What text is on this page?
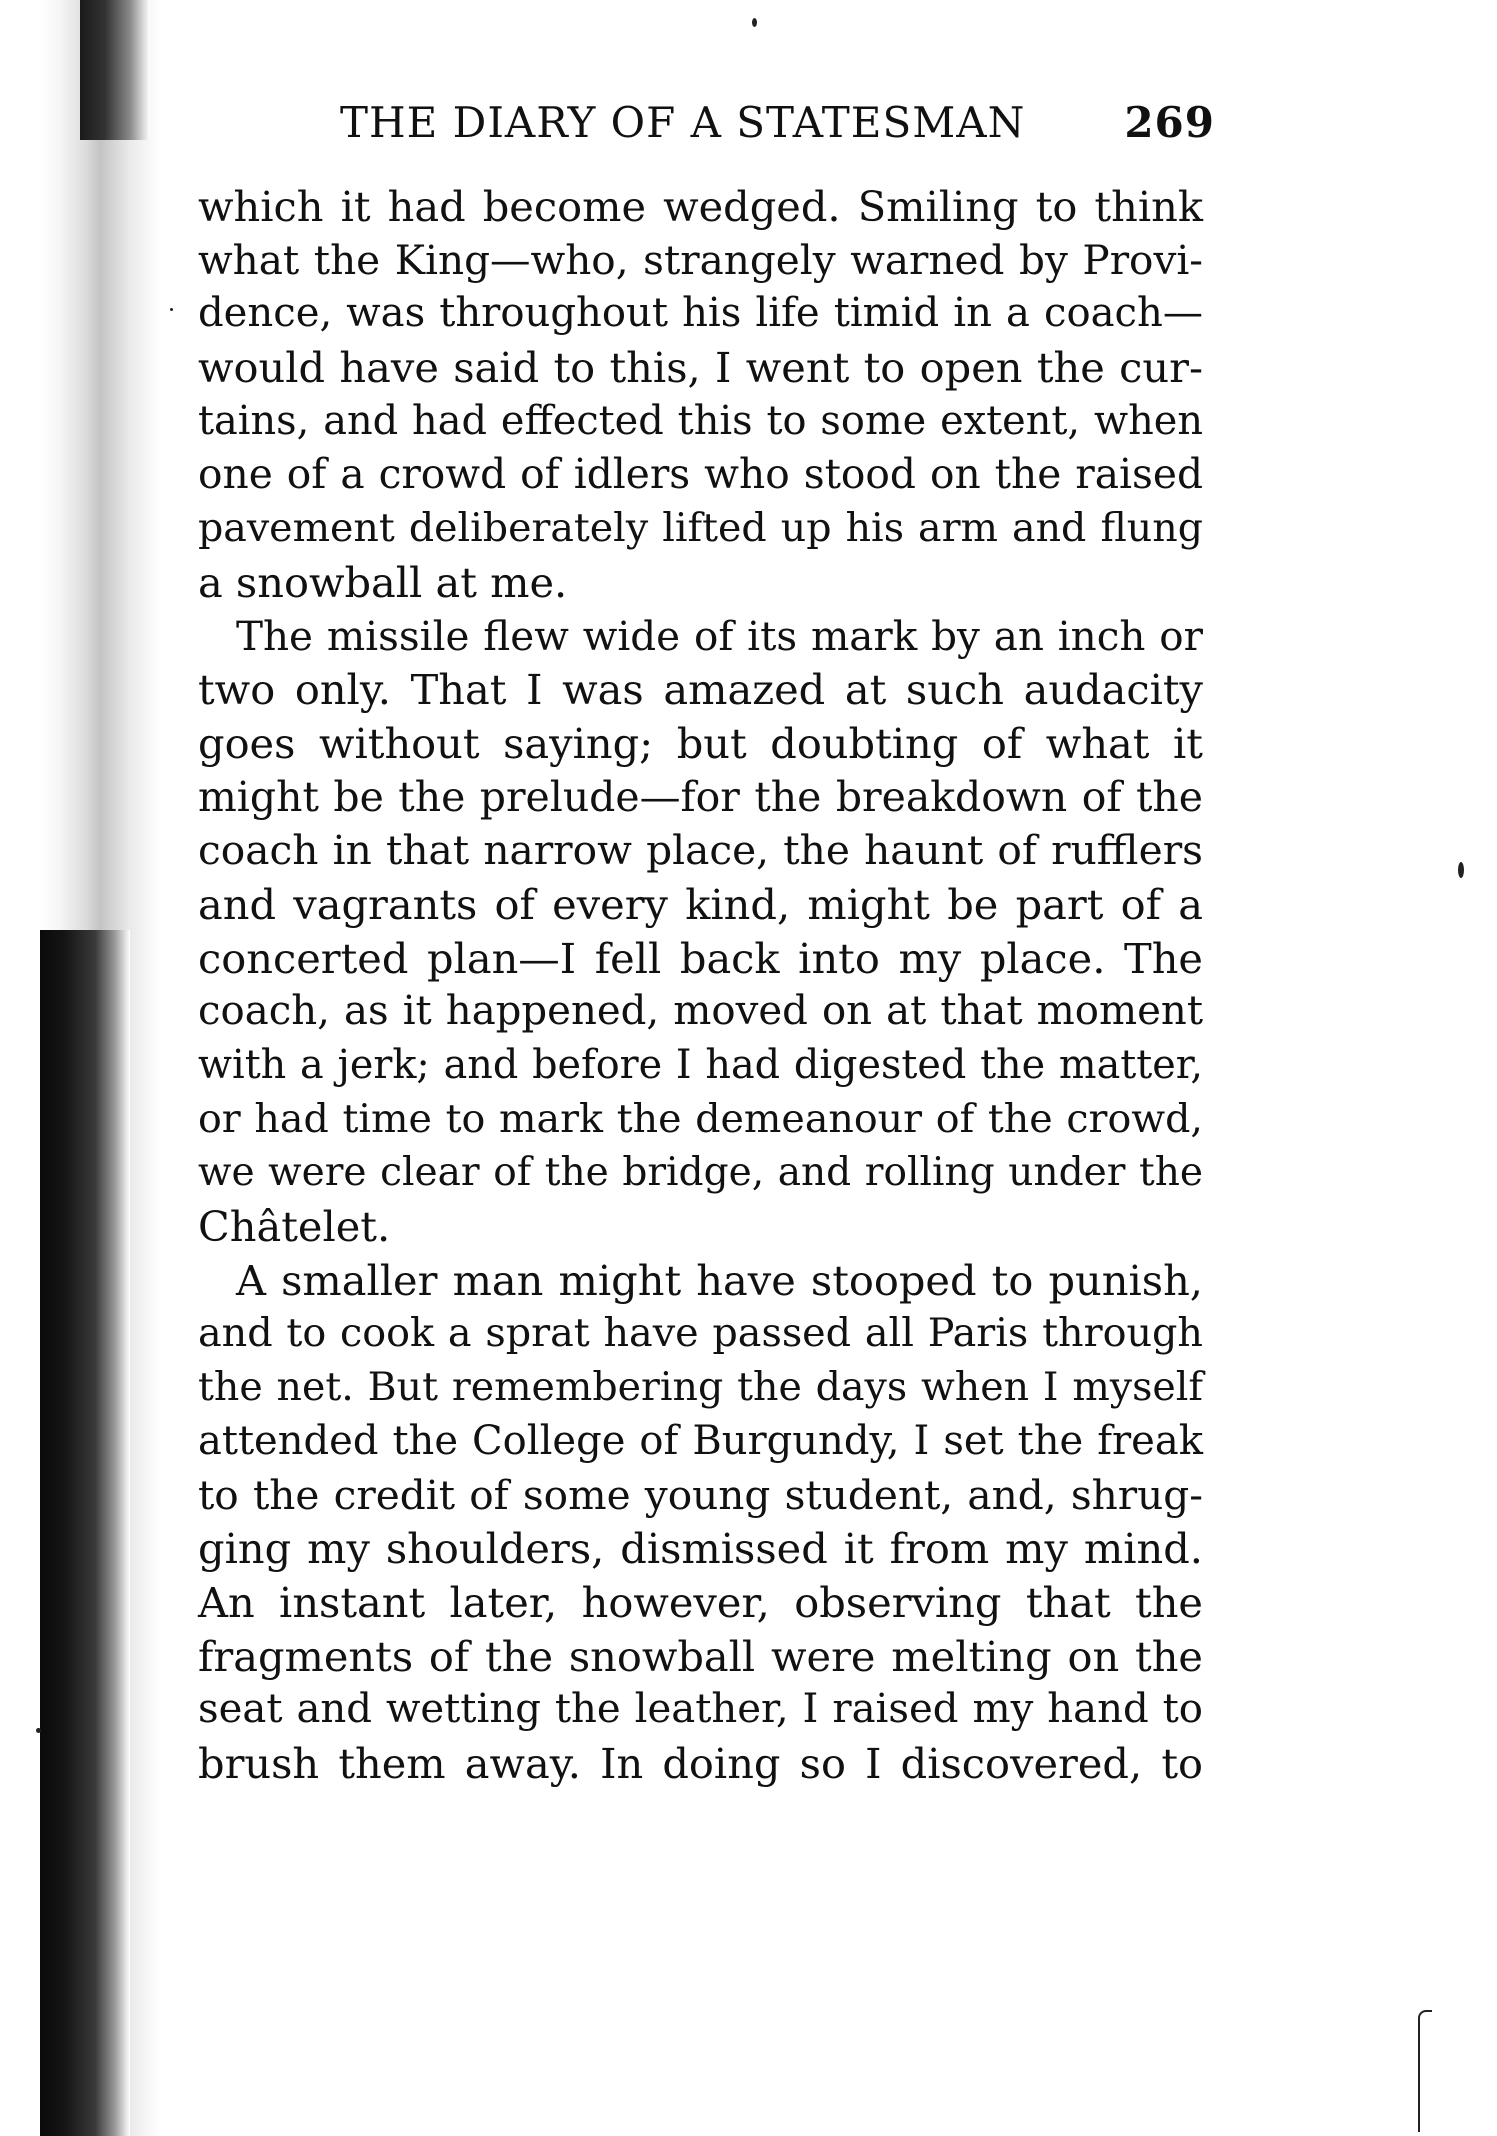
THE DIARY OF A STATESMAN 269
which it had become wedged. Smiling to think
what the King—who, strangely warned by Provi-
dence, was throughout his life timid in a coach—
would have said to this, I went to open the cur-
tains, and had effected this to some extent, when
one of a crowd of idlers who stood on the raised
pavement deliberately lifted up his arm and flung
a snowball at me.
The missile flew wide of its mark by an inch or
two only. That I was amazed at such audacity
goes without saying; but doubting of what it
might be the prelude—for the breakdown of the
coach in that narrow place, the haunt of rufflers
and vagrants of every kind, might be part of a
concerted plan—I fell back into my place. The
coach, as it happened, moved on at that moment
with a jerk; and before I had digested the matter,
or had time to mark the demeanour of the crowd,
we were clear of the bridge, and rolling under the
Châtelet.
A smaller man might have stooped to punish,
and to cook a sprat have passed all Paris through
the net. But remembering the days when I myself
attended the College of Burgundy, I set the freak
to the credit of some young student, and, shrug-
ging my shoulders, dismissed it from my mind.
An instant later, however, observing that the
fragments of the snowball were melting on the
seat and wetting the leather, I raised my hand to
brush them away. In doing so I discovered, to
